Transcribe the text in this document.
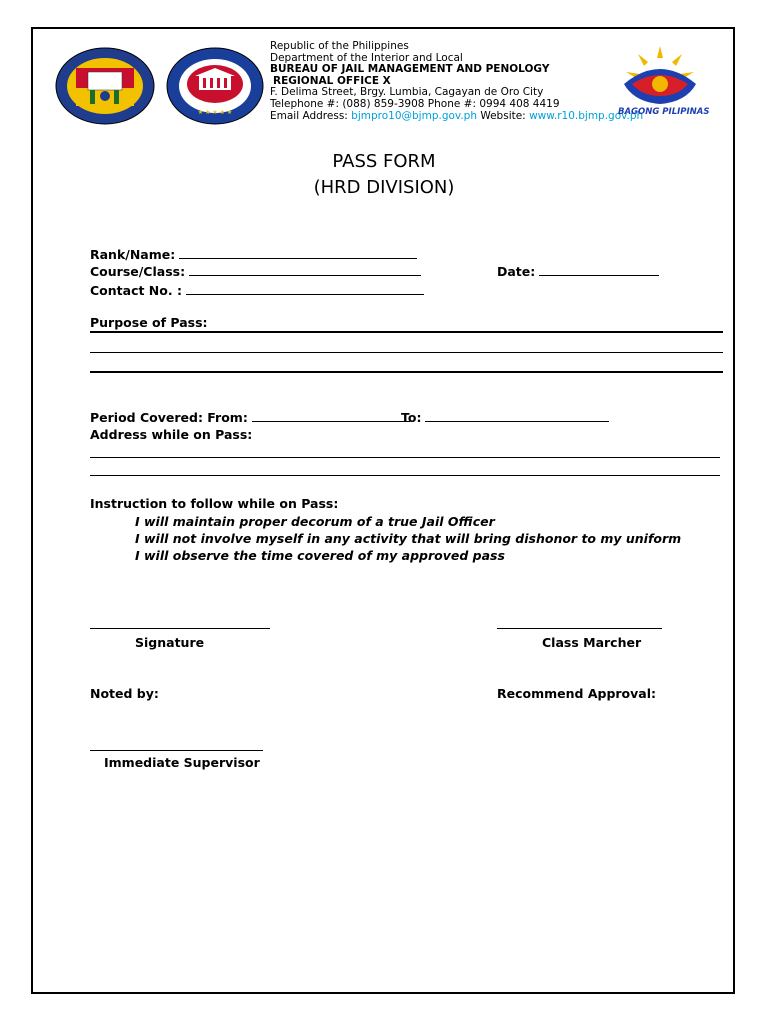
★ ★ ★ ★ ★
Republic of the Philippines
Department of the Interior and Local
BUREAU OF JAIL MANAGEMENT AND PENOLOGY
REGIONAL OFFICE X
F. Delima Street, Brgy. Lumbia, Cagayan de Oro City
Telephone #: (088) 859-3908 Phone #: 0994 408 4419
Email Address: bjmpro10@bjmp.gov.ph Website: www.r10.bjmp.gov.ph
BAGONG PILIPINAS
PASS FORM
(HRD DIVISION)
Rank/Name:
Course/Class:	Date:
Contact No. :
Purpose of Pass:
Period Covered: From:	To:
Address while on Pass:
Instruction to follow while on Pass:
I will maintain proper decorum of a true Jail Officer
I will not involve myself in any activity that will bring dishonor to my uniform
I will observe the time covered of my approved pass
Signature	Class Marcher
Noted by:	Recommend Approval:
Immediate Supervisor
